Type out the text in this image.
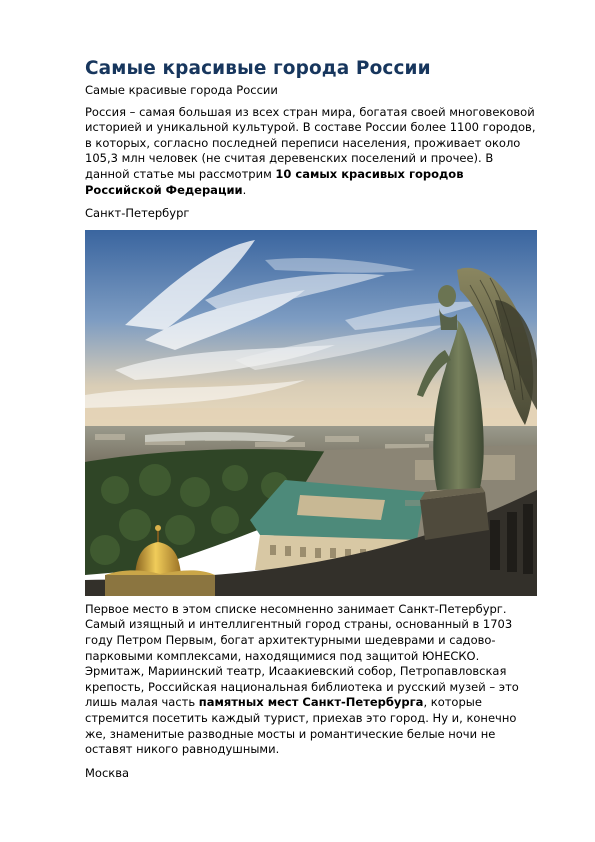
Самые красивые города России

Самые красивые города России

Россия – самая большая из всех стран мира, богатая своей многовековой историей и уникальной культурой. В составе России более 1100 городов, в которых, согласно последней переписи населения, проживает около 105,3 млн человек (не считая деревенских поселений и прочее). В данной статье мы рассмотрим 10 самых красивых городов Российской Федерации.

Санкт-Петербург

Первое место в этом списке несомненно занимает Санкт-Петербург. Самый изящный и интеллигентный город страны, основанный в 1703 году Петром Первым, богат архитектурными шедеврами и садово-парковыми комплексами, находящимися под защитой ЮНЕСКО. Эрмитаж, Мариинский театр, Исаакиевский собор, Петропавловская крепость, Российская национальная библиотека и русский музей – это лишь малая часть памятных мест Санкт-Петербурга, которые стремится посетить каждый турист, приехав это город. Ну и, конечно же, знаменитые разводные мосты и романтические белые ночи не оставят никого равнодушными.

Москва
